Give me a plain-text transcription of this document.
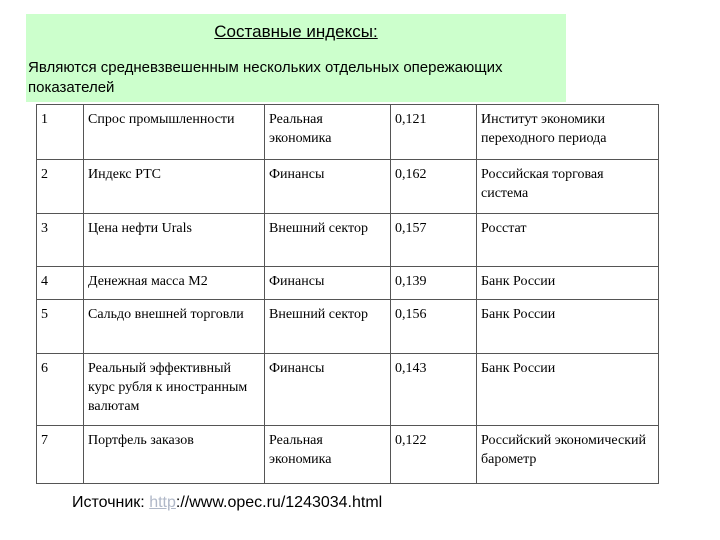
Составные индексы:
Являются средневзвешенным нескольких отдельных опережающих показателей
1	Спрос промышленности	Реальная экономика	0,121	Институт экономики переходного периода
2	Индекс РТС	Финансы	0,162	Российская торговая система
3	Цена нефти Urals	Внешний сектор	0,157	Росстат
4	Денежная масса М2	Финансы	0,139	Банк России
5	Сальдо внешней торговли	Внешний сектор	0,156	Банк России
6	Реальный эффективный курс рубля к иностранным валютам	Финансы	0,143	Банк России
7	Портфель заказов	Реальная экономика	0,122	Российский экономический барометр
Источник: http://www.opec.ru/1243034.html
